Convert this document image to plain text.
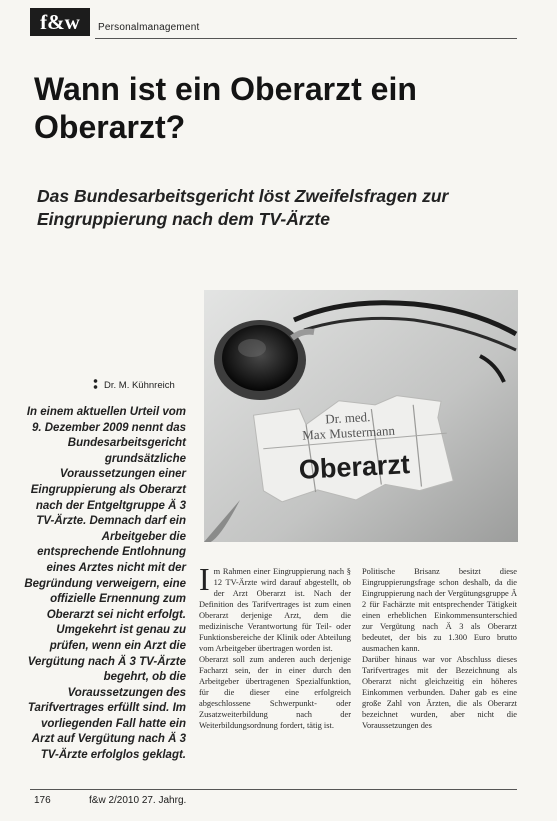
f&w	Personalmanagement
Wann ist ein Oberarzt ein Oberarzt?
Das Bundesarbeitsgericht löst Zweifelsfragen zur Eingruppierung nach dem TV-Ärzte
Dr. M. Kühnreich
In einem aktuellen Urteil vom 9. Dezember 2009 nennt das Bundesarbeitsgericht grundsätzliche Voraussetzungen einer Eingruppierung als Oberarzt nach der Entgeltgruppe Ä 3 TV-Ärzte. Demnach darf ein Arbeitgeber die entsprechende Entlohnung eines Arztes nicht mit der Begründung verweigern, eine offizielle Ernennung zum Oberarzt sei nicht erfolgt. Umgekehrt ist genau zu prüfen, wenn ein Arzt die Vergütung nach Ä 3 TV-Ärzte begehrt, ob die Voraussetzungen des Tarifvertrages erfüllt sind. Im vorliegenden Fall hatte ein Arzt auf Vergütung nach Ä 3 TV-Ärzte erfolglos geklagt.
Dr. med.
Max Mustermann
Oberarzt

Im Rahmen einer Eingruppierung nach § 12 TV-Ärzte wird darauf abgestellt, ob der Arzt Oberarzt ist. Nach der Definition des Tarifvertrages ist zum einen Oberarzt derjenige Arzt, dem die medizinische Verantwortung für Teil- oder Funktionsbereiche der Klinik oder Abteilung vom Arbeitgeber übertragen worden ist.

Oberarzt soll zum anderen auch derjenige Facharzt sein, der in einer durch den Arbeitgeber übertragenen Spezialfunktion, für die dieser eine erfolgreich abgeschlossene Schwerpunkt- oder Zusatzweiterbildung nach der Weiterbildungsordnung fordert, tätig ist.

Politische Brisanz besitzt diese Eingruppierungsfrage schon deshalb, da die Eingruppierung nach der Vergütungsgruppe Ä 2 für Fachärzte mit entsprechender Tätigkeit einen erheblichen Einkommensunterschied zur Vergütung nach Ä 3 als Oberarzt bedeutet, der bis zu 1.300 Euro brutto ausmachen kann.

Darüber hinaus war vor Abschluss dieses Tarifvertrages mit der Bezeichnung als Oberarzt nicht gleichzeitig ein höheres Einkommen verbunden. Daher gab es eine große Zahl von Ärzten, die als Oberarzt bezeichnet wurden, aber nicht die Voraussetzungen des

176	f&w 2/2010 27. Jahrg.
